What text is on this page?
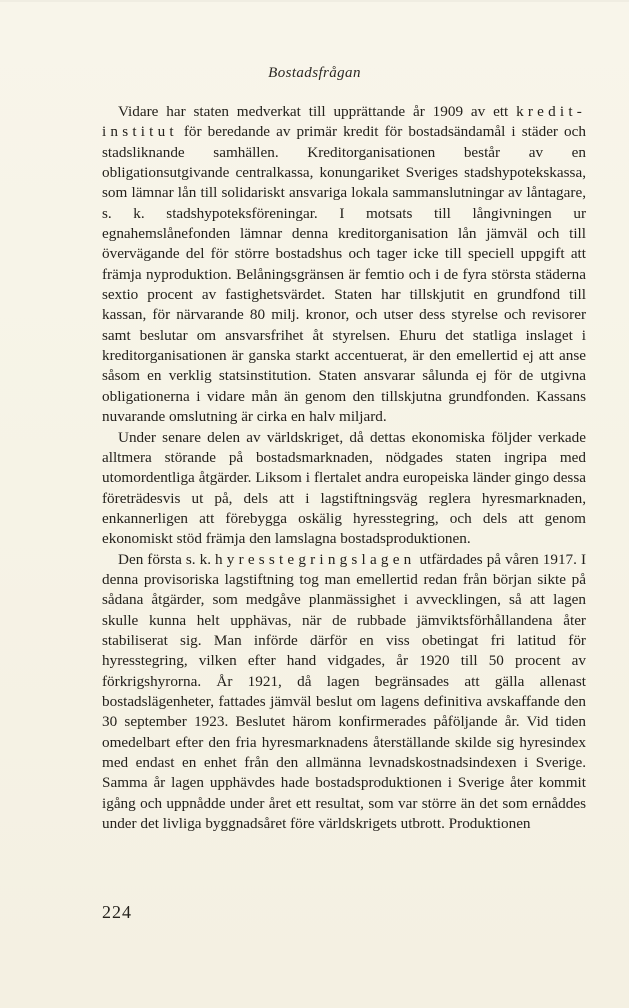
Bostadsfrågan

Vidare har staten medverkat till upprättande år 1909 av ett kredit-institut för beredande av primär kredit för bostadsändamål i städer och stadsliknande samhällen. Kreditorganisationen består av en obligationsutgivande centralkassa, konungariket Sveriges stadshypotekskassa, som lämnar lån till solidariskt ansvariga lokala sammanslutningar av låntagare, s. k. stadshypoteksföreningar. I motsats till långivningen ur egnahemslånefonden lämnar denna kreditorganisation lån jämväl och till övervägande del för större bostadshus och tager icke till speciell uppgift att främja nyproduktion. Belåningsgränsen är femtio och i de fyra största städerna sextio procent av fastighetsvärdet. Staten har tillskjutit en grundfond till kassan, för närvarande 80 milj. kronor, och utser dess styrelse och revisorer samt beslutar om ansvarsfrihet åt styrelsen. Ehuru det statliga inslaget i kreditorganisationen är ganska starkt accentuerat, är den emellertid ej att anse såsom en verklig statsinstitution. Staten ansvarar sålunda ej för de utgivna obligationerna i vidare mån än genom den tillskjutna grundfonden. Kassans nuvarande omslutning är cirka en halv miljard.

Under senare delen av världskriget, då dettas ekonomiska följder verkade alltmera störande på bostadsmarknaden, nödgades staten ingripa med utomordentliga åtgärder. Liksom i flertalet andra europeiska länder gingo dessa företrädesvis ut på, dels att i lagstiftningsväg reglera hyresmarknaden, enkannerligen att förebygga oskälig hyresstegring, och dels att genom ekonomiskt stöd främja den lamslagna bostadsproduktionen.

Den första s. k. hyresstegringslagen utfärdades på våren 1917. I denna provisoriska lagstiftning tog man emellertid redan från början sikte på sådana åtgärder, som medgåve planmässighet i avvecklingen, så att lagen skulle kunna helt upphävas, när de rubbade jämviktsförhållandena åter stabiliserat sig. Man införde därför en viss obetingat fri latitud för hyresstegring, vilken efter hand vidgades, år 1920 till 50 procent av förkrigshyrorna. År 1921, då lagen begränsades att gälla allenast bostadslägenheter, fattades jämväl beslut om lagens definitiva avskaffande den 30 september 1923. Beslutet härom konfirmerades påföljande år. Vid tiden omedelbart efter den fria hyresmarknadens återställande skilde sig hyresindex med endast en enhet från den allmänna levnadskostnadsindexen i Sverige. Samma år lagen upphävdes hade bostadsproduktionen i Sverige åter kommit igång och uppnådde under året ett resultat, som var större än det som ernåddes under det livliga byggnadsåret före världskrigets utbrott. Produktionen

224
